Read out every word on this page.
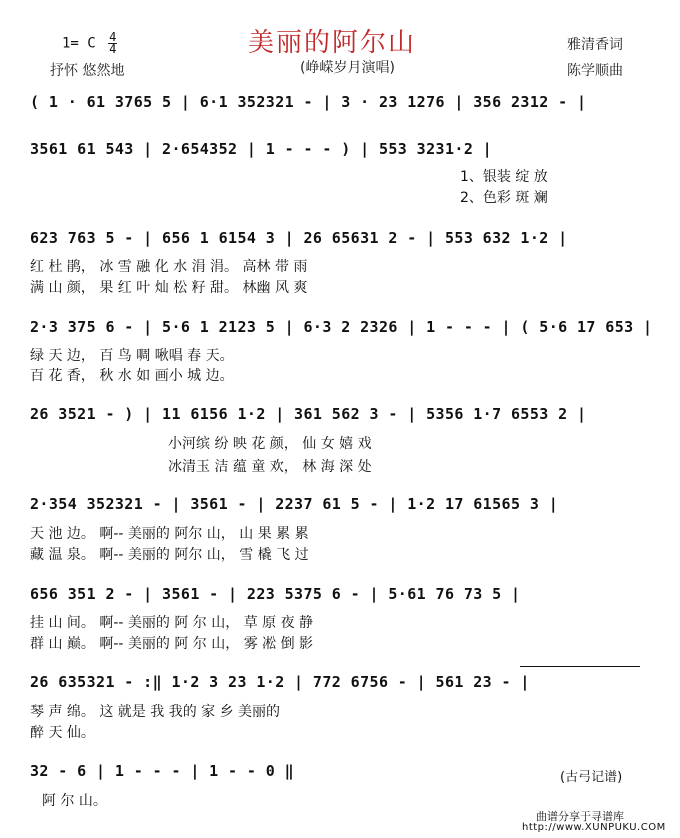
1= C $\frac{4}{4}$	美丽的阿尔山	雅清香词
抒怀 悠然地	(峥嵘岁月演唱)	陈学顺曲
( 1 · 61 3765 5 | 6·1 352321 - | 3 · 23 1276 | 356 2312 - |
3561 61 543 | 2·654352 | 1 - - - ) | 553 3231·2 |
1、银装 绽 放
2、色彩 斑 斓
623 763 5 - | 656 1 6154 3 | 26 65631 2 - | 553 632 1·2 |
红 杜 鹃， 冰 雪 融 化 水 涓 涓。 高林 带 雨
满 山 颜， 果 红 叶 灿 松 籽 甜。 林幽 风 爽
2·3 375 6 - | 5·6 1 2123 5 | 6·3 2 2326 | 1 - - - | ( 5·6 17 653 |
绿 天 边， 百 鸟 啁 啾唱 春 天。
百 花 香， 秋 水 如 画小 城 边。
26 3521 - ) | 11 6156 1·2 | 361 562 3 - | 5356 1·7 6553 2 |
小河缤 纷 映 花 颜， 仙 女 嬉 戏
冰清玉 洁 蕴 童 欢， 林 海 深 处
2·354 352321 - | 3561 - | 2237 61 5 - | 1·2 17 61565 3 |
天 池 边。 啊-- 美丽的 阿尔 山， 山 果 累 累
藏 温 泉。 啊-- 美丽的 阿尔 山， 雪 橇 飞 过
656 351 2 - | 3561 - | 223 5375 6 - | 5·61 76 73 5 |
挂 山 间。 啊-- 美丽的 阿 尔 山， 草 原 夜 静
群 山 巅。 啊-- 美丽的 阿 尔 山， 雾 凇 倒 影
26 635321 - :‖ 1·2 3 23 1·2 | 772 6756 - | 561 23 - |
琴 声 绵。 这 就是 我 我的 家 乡 美丽的
醉 天 仙。
32 - 6 | 1 - - - | 1 - - 0 ‖
阿 尔 山。
(古弓记谱)
曲谱分享于寻谱库
http://www.XUNPUKU.COM
